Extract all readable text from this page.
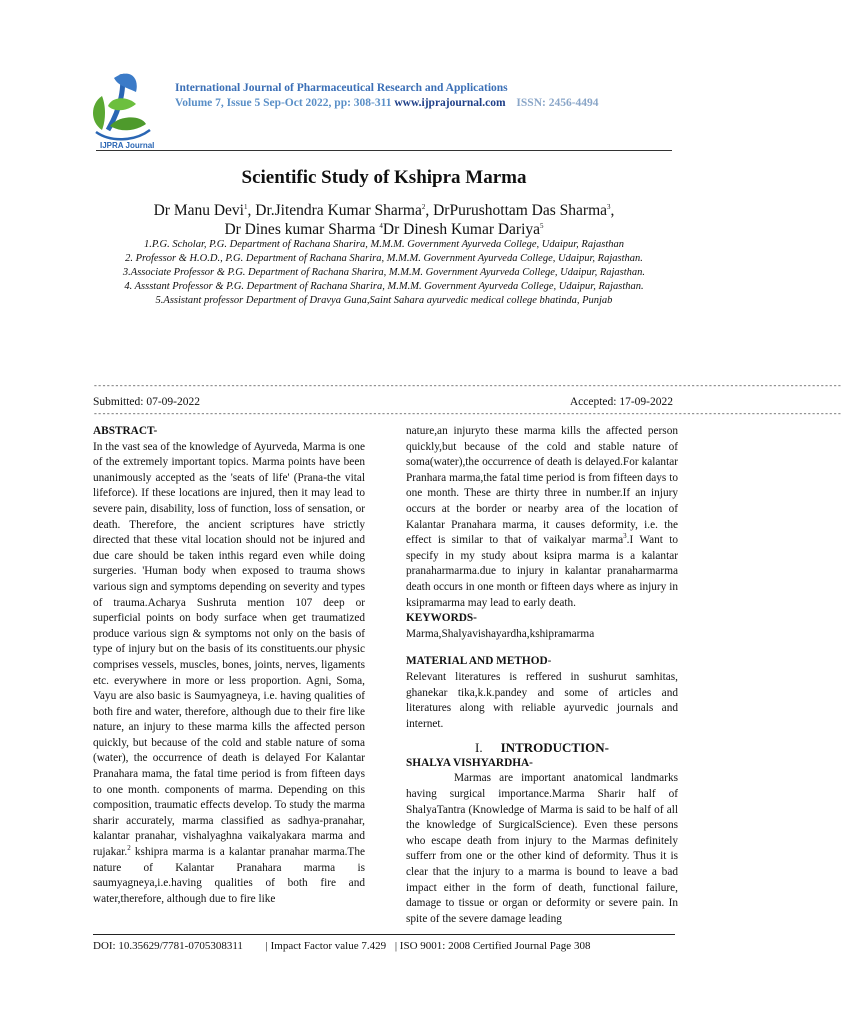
IJPRA Journal
International Journal of Pharmaceutical Research and Applications
Volume 7, Issue 5 Sep-Oct 2022, pp: 308-311 www.ijprajournal.com ISSN: 2456-4494
Scientific Study of Kshipra Marma
Dr Manu Devi$^1$, Dr.Jitendra Kumar Sharma$^2$, DrPurushottam Das Sharma$^3$,
Dr Dines kumar Sharma $^4$Dr Dinesh Kumar Dariya$^5$
1.P.G. Scholar, P.G. Department of Rachana Sharira, M.M.M. Government Ayurveda College, Udaipur, Rajasthan
2. Professor & H.O.D., P.G. Department of Rachana Sharira, M.M.M. Government Ayurveda College, Udaipur, Rajasthan.
3.Associate Professor & P.G. Department of Rachana Sharira, M.M.M. Government Ayurveda College, Udaipur, Rajasthan.
4. Assstant Professor & P.G. Department of Rachana Sharira, M.M.M. Government Ayurveda College, Udaipur, Rajasthan.
5.Assistant professor Department of Dravya Guna,Saint Sahara ayurvedic medical college bhatinda, Punjab
------------------------------------------------------------------------------------------------------------------------------------------------------------------------------
Submitted: 07-09-2022	Accepted: 17-09-2022
------------------------------------------------------------------------------------------------------------------------------------------------------------------------------

ABSTRACT-

In the vast sea of the knowledge of Ayurveda, Marma is one of the extremely important topics. Marma points have been unanimously accepted as the 'seats of life' (Prana-the vital lifeforce). If these locations are injured, then it may lead to severe pain, disability, loss of function, loss of sensation, or death. Therefore, the ancient scriptures have strictly directed that these vital location should not be injured and due care should be taken inthis regard even while doing surgeries. 'Human body when exposed to trauma shows various sign and symptoms depending on severity and types of trauma.Acharya Sushruta mention 107 deep or superficial points on body surface when get traumatized produce various sign & symptoms not only on the basis of type of injury but on the basis of its constituents.our physic comprises vessels, muscles, bones, joints, nerves, ligaments etc. everywhere in more or less proportion. Agni, Soma, Vayu are also basic is Saumyagneya, i.e. having qualities of both fire and water, therefore, although due to their fire like nature, an injury to these marma kills the affected person quickly, but because of the cold and stable nature of soma (water), the occurrence of death is delayed For Kalantar Pranahara mama, the fatal time period is from fifteen days to one month. components of marma. Depending on this composition, traumatic effects develop. To study the marma sharir accurately, marma classified as sadhya-pranahar, kalantar pranahar, vishalyaghna vaikalyakara marma and rujakar.$^2$ kshipra marma is a kalantar pranahar marma.The nature of Kalantar Pranahara marma is saumyagneya,i.e.having qualities of both fire and water,therefore, although due to fire like

nature,an injuryto these marma kills the affected person quickly,but because of the cold and stable nature of soma(water),the occurrence of death is delayed.For kalantar Pranhara marma,the fatal time period is from fifteen days to one month. These are thirty three in number.If an injury occurs at the border or nearby area of the location of Kalantar Pranahara marma, it causes deformity, i.e. the effect is similar to that of vaikalyar marma$^3$.I Want to specify in my study about ksipra marma is a kalantar pranaharmarma.due to injury in kalantar pranaharmarma death occurs in one month or fifteen days where as injury in ksipramarma may lead to early death.

KEYWORDS-

Marma,Shalyavishayardha,kshipramarma

MATERIAL AND METHOD-

Relevant literatures is reffered in sushurut samhitas, ghanekar tika,k.k.pandey and some of articles and literatures along with reliable ayurvedic journals and internet.

I. INTRODUCTION-

SHALYA VISHYARDHA-

Marmas are important anatomical landmarks having surgical importance.Marma Sharir half of ShalyaTantra (Knowledge of Marma is said to be half of all the knowledge of SurgicalScience). Even these persons who escape death from injury to the Marmas definitely sufferr from one or the other kind of deformity. Thus it is clear that the injury to a marma is bound to leave a bad impact either in the form of death, functional failure, damage to tissue or organ or deformity or severe pain. In spite of the severe damage leading

DOI: 10.35629/7781-0705308311 | Impact Factor value 7.429 | ISO 9001: 2008 Certified Journal Page 308
